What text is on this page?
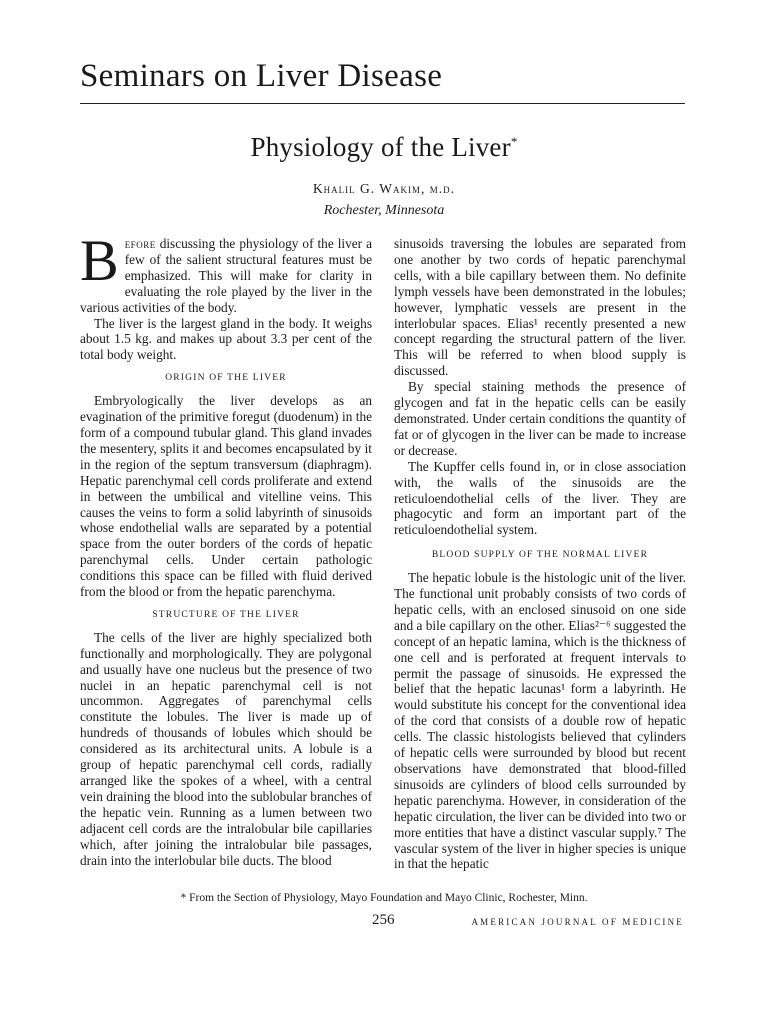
Seminars on Liver Disease
Physiology of the Liver*
Khalil G. Wakim, m.d.
Rochester, Minnesota

Before discussing the physiology of the liver a few of the salient structural features must be emphasized. This will make for clarity in evaluating the role played by the liver in the various activities of the body.

The liver is the largest gland in the body. It weighs about 1.5 kg. and makes up about 3.3 per cent of the total body weight.

ORIGIN OF THE LIVER

Embryologically the liver develops as an evagination of the primitive foregut (duodenum) in the form of a compound tubular gland. This gland invades the mesentery, splits it and becomes encapsulated by it in the region of the septum transversum (diaphragm). Hepatic parenchymal cell cords proliferate and extend in between the umbilical and vitelline veins. This causes the veins to form a solid labyrinth of sinusoids whose endothelial walls are separated by a potential space from the outer borders of the cords of hepatic parenchymal cells. Under certain pathologic conditions this space can be filled with fluid derived from the blood or from the hepatic parenchyma.

STRUCTURE OF THE LIVER

The cells of the liver are highly specialized both functionally and morphologically. They are polygonal and usually have one nucleus but the presence of two nuclei in an hepatic parenchymal cell is not uncommon. Aggregates of parenchymal cells constitute the lobules. The liver is made up of hundreds of thousands of lobules which should be considered as its architectural units. A lobule is a group of hepatic parenchymal cell cords, radially arranged like the spokes of a wheel, with a central vein draining the blood into the sublobular branches of the hepatic vein. Running as a lumen between two adjacent cell cords are the intralobular bile capillaries which, after joining the intralobular bile passages, drain into the interlobular bile ducts. The blood

sinusoids traversing the lobules are separated from one another by two cords of hepatic parenchymal cells, with a bile capillary between them. No definite lymph vessels have been demonstrated in the lobules; however, lymphatic vessels are present in the interlobular spaces. Elias¹ recently presented a new concept regarding the structural pattern of the liver. This will be referred to when blood supply is discussed.

By special staining methods the presence of glycogen and fat in the hepatic cells can be easily demonstrated. Under certain conditions the quantity of fat or of glycogen in the liver can be made to increase or decrease.

The Kupffer cells found in, or in close association with, the walls of the sinusoids are the reticuloendothelial cells of the liver. They are phagocytic and form an important part of the reticuloendothelial system.

BLOOD SUPPLY OF THE NORMAL LIVER

The hepatic lobule is the histologic unit of the liver. The functional unit probably consists of two cords of hepatic cells, with an enclosed sinusoid on one side and a bile capillary on the other. Elias²⁻⁶ suggested the concept of an hepatic lamina, which is the thickness of one cell and is perforated at frequent intervals to permit the passage of sinusoids. He expressed the belief that the hepatic lacunas¹ form a labyrinth. He would substitute his concept for the conventional idea of the cord that consists of a double row of hepatic cells. The classic histologists believed that cylinders of hepatic cells were surrounded by blood but recent observations have demonstrated that blood-filled sinusoids are cylinders of blood cells surrounded by hepatic parenchyma. However, in consideration of the hepatic circulation, the liver can be divided into two or more entities that have a distinct vascular supply.⁷ The vascular system of the liver in higher species is unique in that the hepatic

* From the Section of Physiology, Mayo Foundation and Mayo Clinic, Rochester, Minn.
256	AMERICAN JOURNAL OF MEDICINE
